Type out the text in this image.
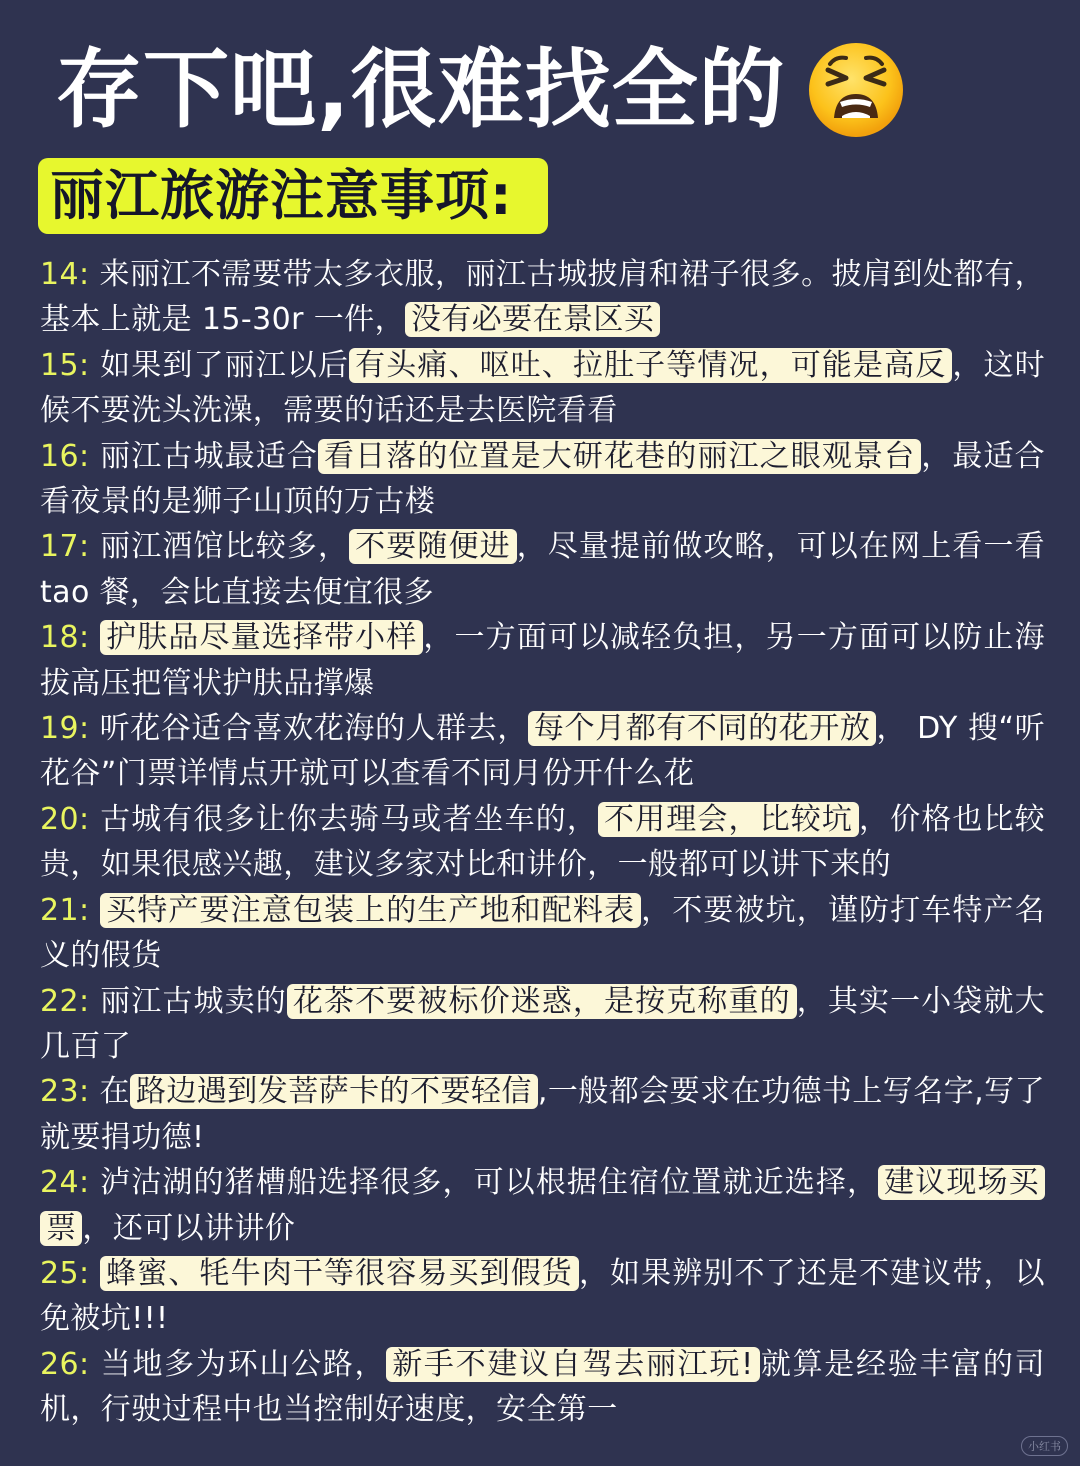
存下吧,很难找全的
丽江旅游注意事项:
14: 来丽江不需要带太多衣服，丽江古城披肩和裙子很多。披肩到处都有，基本上就是 15-30r 一件， 没有必要在景区买
15: 如果到了丽江以后 有头痛、呕吐、拉肚子等情况，可能是高反 ，这时候不要洗头洗澡，需要的话还是去医院看看
16: 丽江古城最适合 看日落的位置是大研花巷的丽江之眼观景台 ，最适合看夜景的是狮子山顶的万古楼
17: 丽江酒馆比较多， 不要随便进 ，尽量提前做攻略，可以在网上看一看 tao 餐，会比直接去便宜很多
18: 护肤品尽量选择带小样 ，一方面可以减轻负担，另一方面可以防止海拔高压把管状护肤品撑爆
19: 听花谷适合喜欢花海的人群去， 每个月都有不同的花开放 ， DY 搜“听花谷”门票详情点开就可以查看不同月份开什么花
20: 古城有很多让你去骑马或者坐车的， 不用理会，比较坑 ，价格也比较贵，如果很感兴趣，建议多家对比和讲价，一般都可以讲下来的
21: 买特产要注意包装上的生产地和配料表 ，不要被坑，谨防打车特产名义的假货
22: 丽江古城卖的 花茶不要被标价迷惑，是按克称重的 ，其实一小袋就大几百了
23: 在 路边遇到发菩萨卡的不要轻信 ,一般都会要求在功德书上写名字,写了就要捐功德!
24: 泸沽湖的猪槽船选择很多，可以根据住宿位置就近选择， 建议现场买票 ，还可以讲讲价
25: 蜂蜜、牦牛肉干等很容易买到假货 ，如果辨别不了还是不建议带，以免被坑!!!
26: 当地多为环山公路， 新手不建议自驾去丽江玩! 就算是经验丰富的司机，行驶过程中也当控制好速度，安全第一
小红书
